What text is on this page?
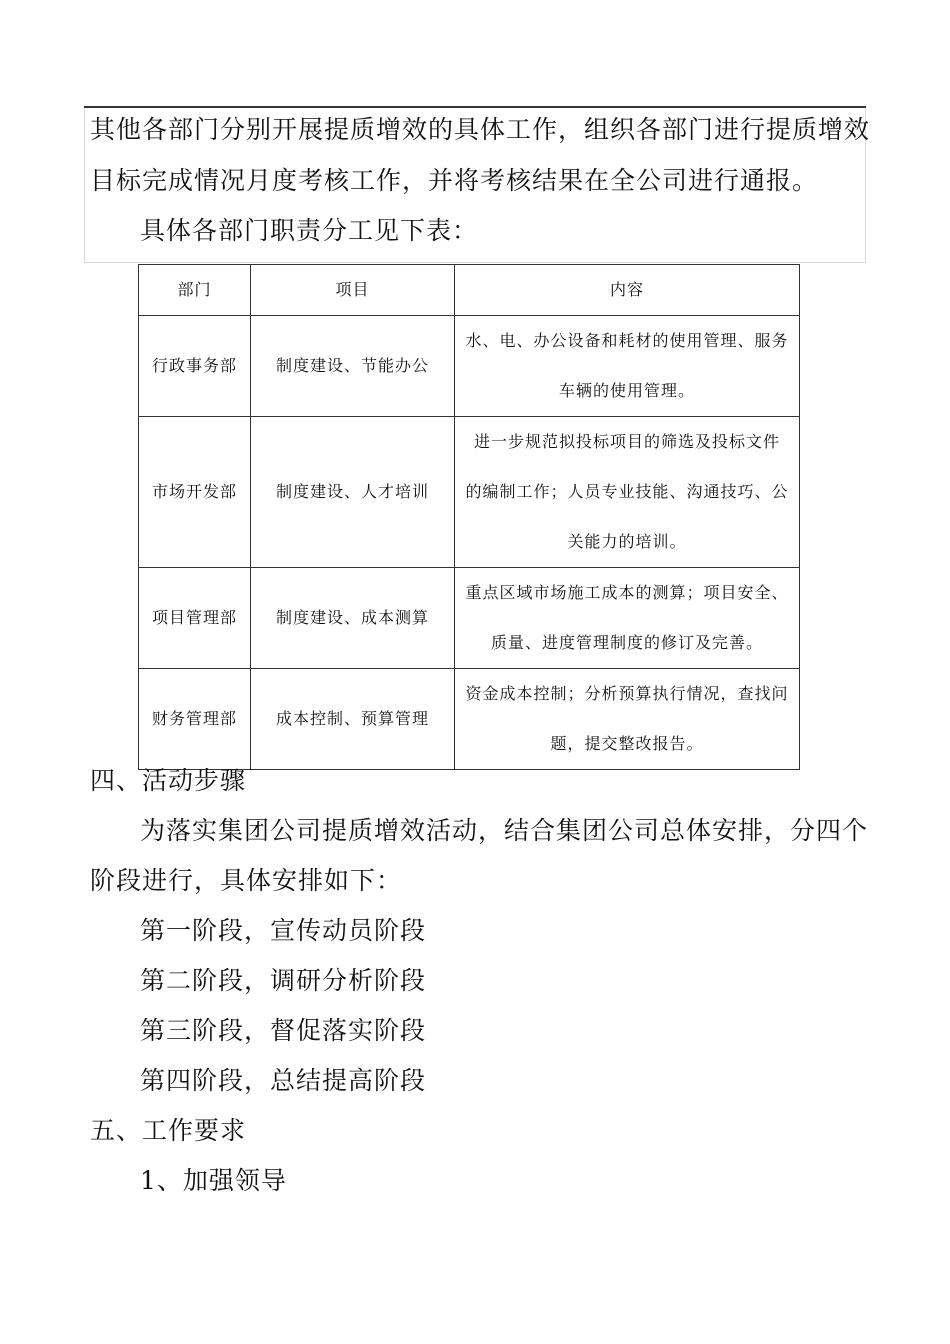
其他各部门分别开展提质增效的具体工作，组织各部门进行提质增效
目标完成情况月度考核工作，并将考核结果在全公司进行通报。
具体各部门职责分工见下表：
部门	项目	内容
行政事务部	制度建设、节能办公	水、电、办公设备和耗材的使用管理、服务
车辆的使用管理。

市场开发部	制度建设、人才培训	进一步规范拟投标项目的筛选及投标文件
的编制工作；人员专业技能、沟通技巧、公
关能力的培训。

项目管理部	制度建设、成本测算	重点区域市场施工成本的测算；项目安全、
质量、进度管理制度的修订及完善。

财务管理部	成本控制、预算管理	资金成本控制；分析预算执行情况，查找问
题，提交整改报告。
四、活动步骤
为落实集团公司提质增效活动，结合集团公司总体安排，分四个
阶段进行，具体安排如下：
第一阶段，宣传动员阶段
第二阶段，调研分析阶段
第三阶段，督促落实阶段
第四阶段，总结提高阶段
五、工作要求
1、加强领导
